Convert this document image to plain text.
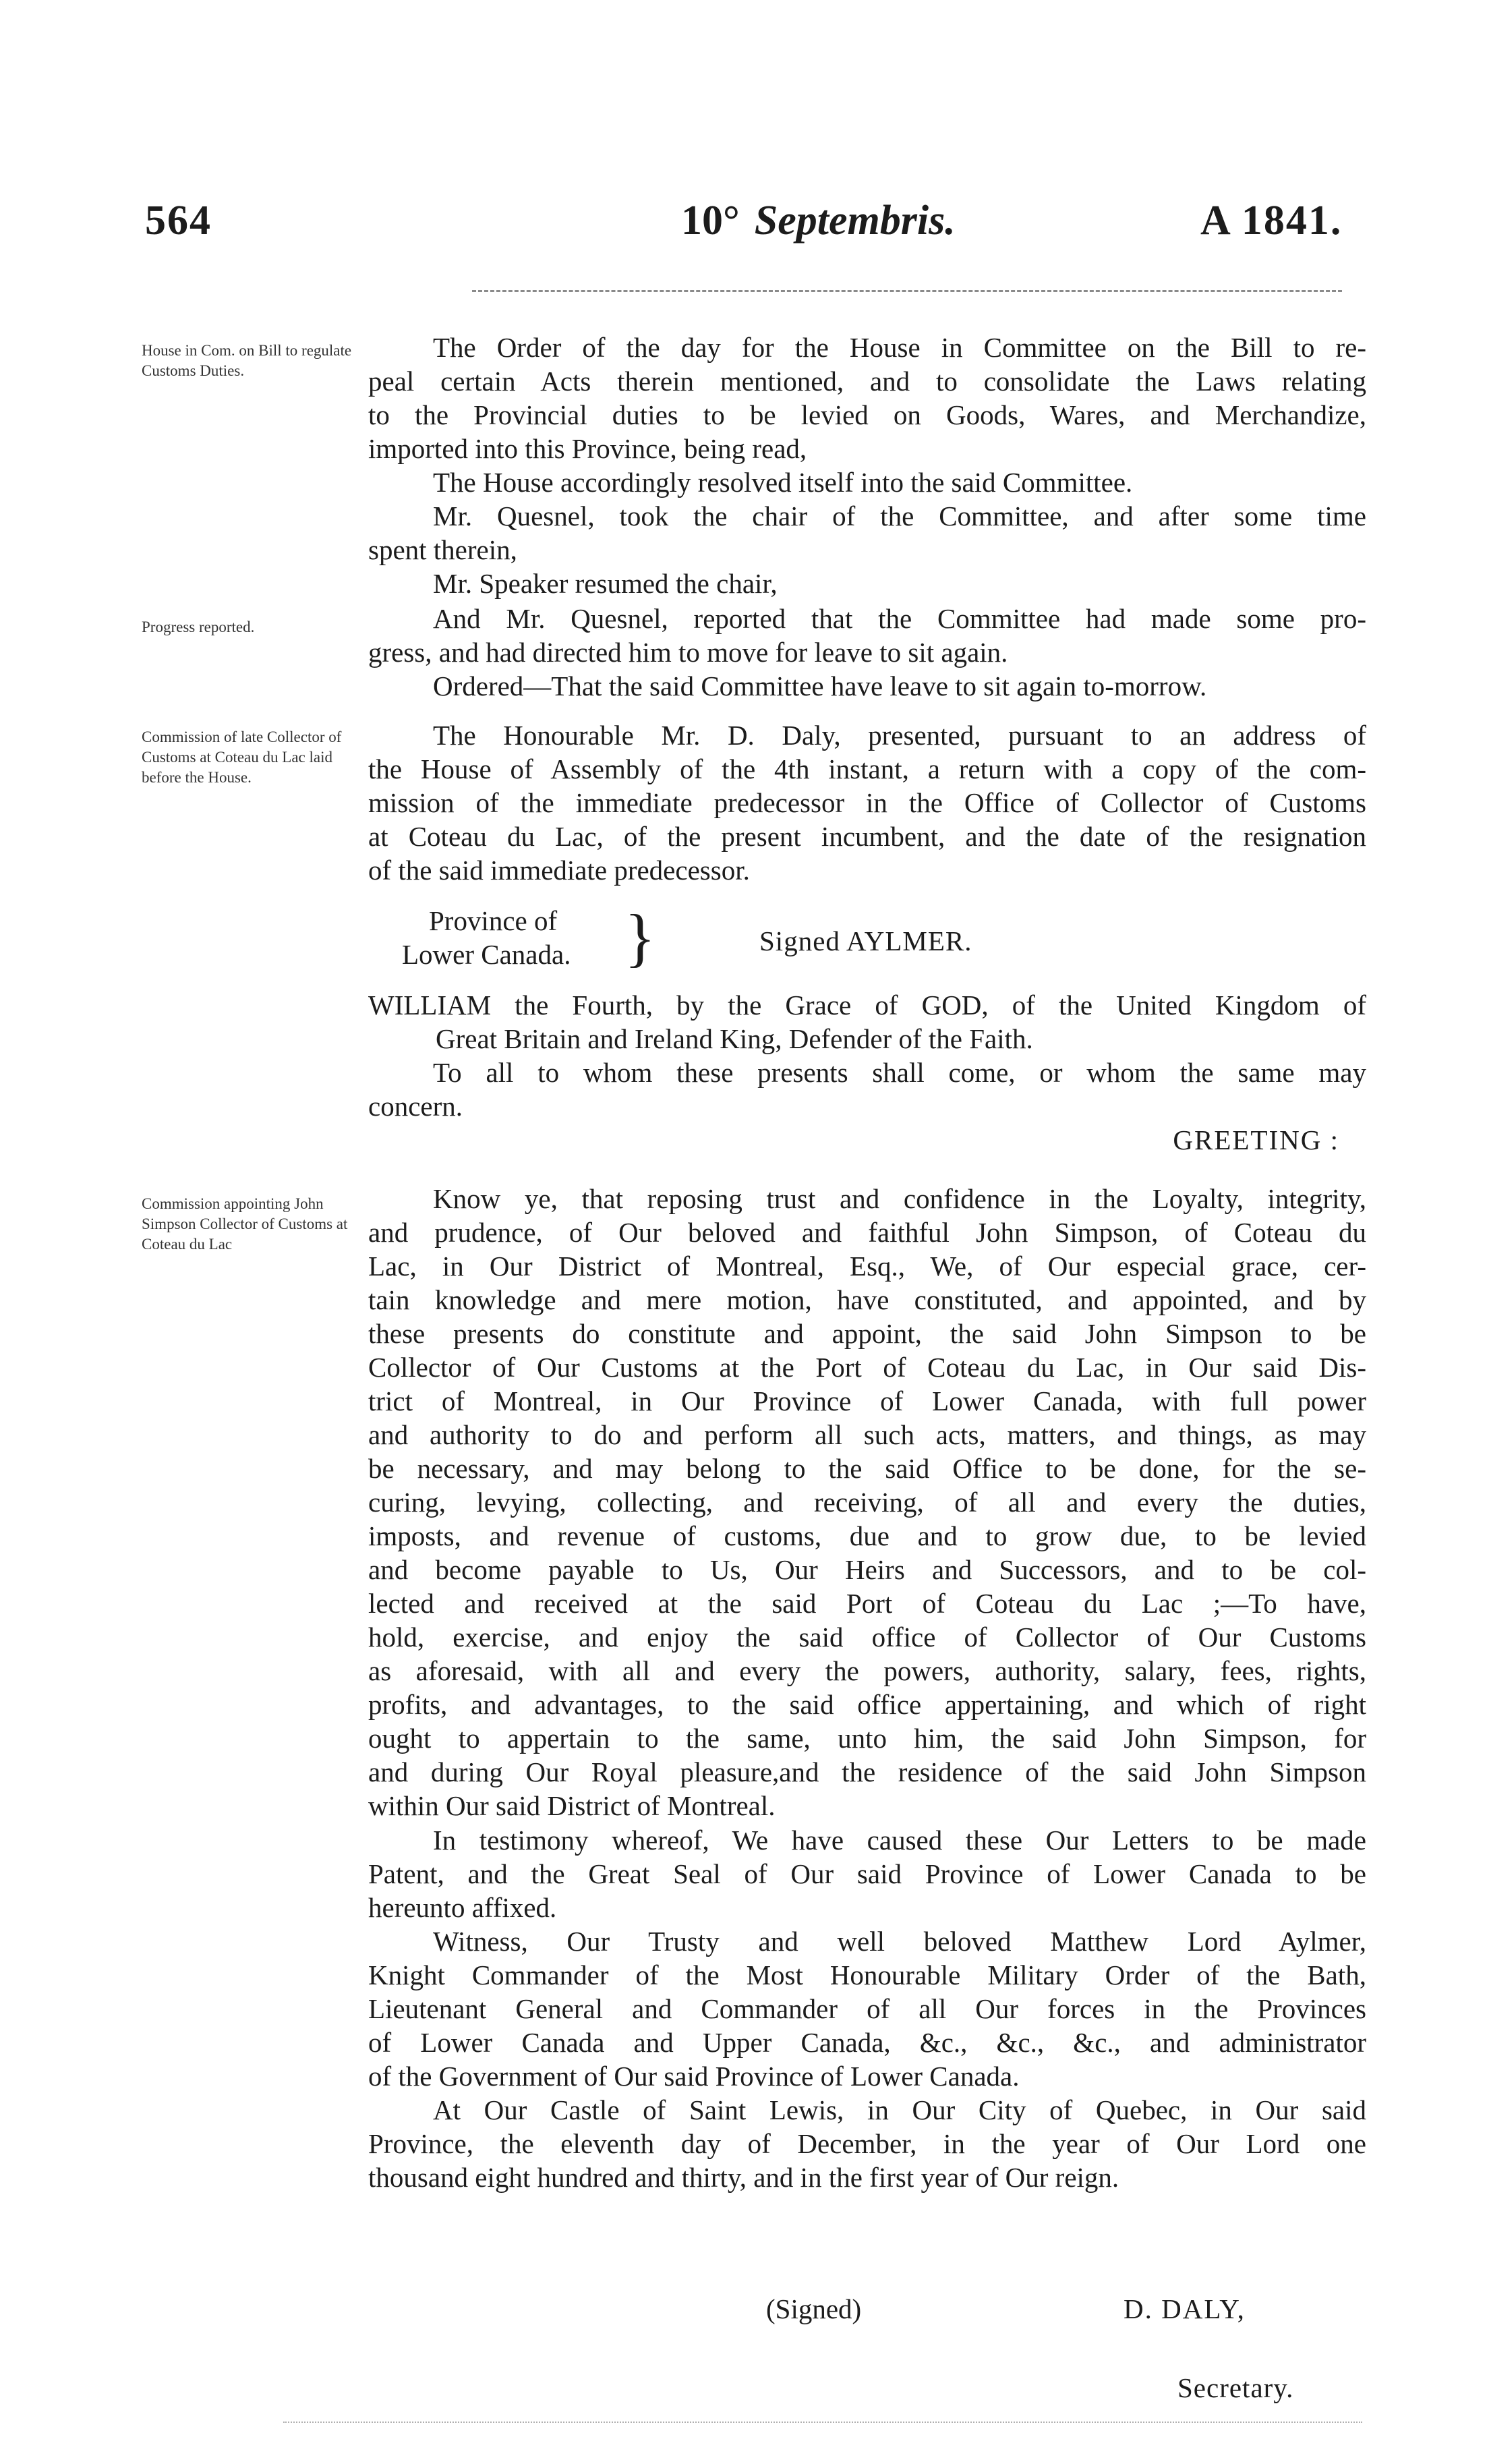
564	10° Septembris.	A 1841.
House in Com. on Bill to regulate Customs Duties.
Progress reported.
Commission of late Collector of Customs at Coteau du Lac laid before the House.
Commission appointing John Simpson Collector of Customs at Coteau du Lac
The Order of the day for the House in Committee on the Bill to re-
peal certain Acts therein mentioned, and to consolidate the Laws relating
to the Provincial duties to be levied on Goods, Wares, and Merchandize,
imported into this Province, being read,
The House accordingly resolved itself into the said Committee.
Mr. Quesnel, took the chair of the Committee, and after some time
spent therein,
Mr. Speaker resumed the chair,
And Mr. Quesnel, reported that the Committee had made some pro-
gress, and had directed him to move for leave to sit again.
Ordered—That the said Committee have leave to sit again to-morrow.
The Honourable Mr. D. Daly, presented, pursuant to an address of
the House of Assembly of the 4th instant, a return with a copy of the com-
mission of the immediate predecessor in the Office of Collector of Customs
at Coteau du Lac, of the present incumbent, and the date of the resignation
of the said immediate predecessor.
Province of
Lower Canada. }	Signed AYLMER.
WILLIAM the Fourth, by the Grace of GOD, of the United Kingdom of
Great Britain and Ireland King, Defender of the Faith.
To all to whom these presents shall come, or whom the same may
concern.
GREETING :
Know ye, that reposing trust and confidence in the Loyalty, integrity,
and prudence, of Our beloved and faithful John Simpson, of Coteau du
Lac, in Our District of Montreal, Esq., We, of Our especial grace, cer-
tain knowledge and mere motion, have constituted, and appointed, and by
these presents do constitute and appoint, the said John Simpson to be
Collector of Our Customs at the Port of Coteau du Lac, in Our said Dis-
trict of Montreal, in Our Province of Lower Canada, with full power
and authority to do and perform all such acts, matters, and things, as may
be necessary, and may belong to the said Office to be done, for the se-
curing, levying, collecting, and receiving, of all and every the duties,
imposts, and revenue of customs, due and to grow due, to be levied
and become payable to Us, Our Heirs and Successors, and to be col-
lected and received at the said Port of Coteau du Lac ;—To have,
hold, exercise, and enjoy the said office of Collector of Our Customs
as aforesaid, with all and every the powers, authority, salary, fees, rights,
profits, and advantages, to the said office appertaining, and which of right
ought to appertain to the same, unto him, the said John Simpson, for
and during Our Royal pleasure,and the residence of the said John Simpson
within Our said District of Montreal.
In testimony whereof, We have caused these Our Letters to be made
Patent, and the Great Seal of Our said Province of Lower Canada to be
hereunto affixed.
Witness, Our Trusty and well beloved Matthew Lord Aylmer,
Knight Commander of the Most Honourable Military Order of the Bath,
Lieutenant General and Commander of all Our forces in the Provinces
of Lower Canada and Upper Canada, &c., &c., &c., and administrator
of the Government of Our said Province of Lower Canada.
At Our Castle of Saint Lewis, in Our City of Quebec, in Our said
Province, the eleventh day of December, in the year of Our Lord one
thousand eight hundred and thirty, and in the first year of Our reign.
(Signed)	D. DALY,
Secretary.
